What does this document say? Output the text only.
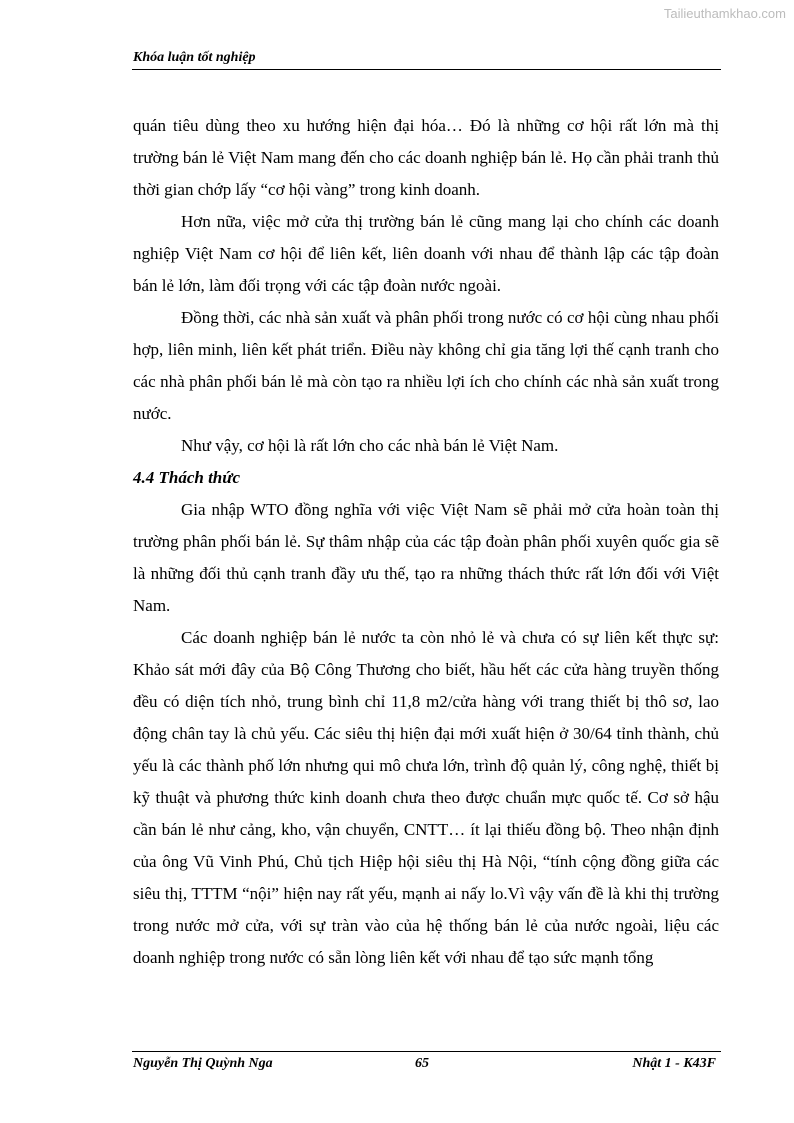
Tailieuthamkhao.com
Khóa luận tốt nghiệp

quán tiêu dùng theo xu hướng hiện đại hóa… Đó là những cơ hội rất lớn mà thị trường bán lẻ Việt Nam mang đến cho các doanh nghiệp bán lẻ. Họ cần phải tranh thủ thời gian chớp lấy “cơ hội vàng” trong kinh doanh.

Hơn nữa, việc mở cửa thị trường bán lẻ cũng mang lại cho chính các doanh nghiệp Việt Nam cơ hội để liên kết, liên doanh với nhau để thành lập các tập đoàn bán lẻ lớn, làm đối trọng với các tập đoàn nước ngoài.

Đồng thời, các nhà sản xuất và phân phối trong nước có cơ hội cùng nhau phối hợp, liên minh, liên kết phát triển. Điều này không chỉ gia tăng lợi thế cạnh tranh cho các nhà phân phối bán lẻ mà còn tạo ra nhiều lợi ích cho chính các nhà sản xuất trong nước.

Như vậy, cơ hội là rất lớn cho các nhà bán lẻ Việt Nam.

4.4 Thách thức

Gia nhập WTO đồng nghĩa với việc Việt Nam sẽ phải mở cửa hoàn toàn thị trường phân phối bán lẻ. Sự thâm nhập của các tập đoàn phân phối xuyên quốc gia sẽ là những đối thủ cạnh tranh đầy ưu thế, tạo ra những thách thức rất lớn đối với Việt Nam.

Các doanh nghiệp bán lẻ nước ta còn nhỏ lẻ và chưa có sự liên kết thực sự: Khảo sát mới đây của Bộ Công Thương cho biết, hầu hết các cửa hàng truyền thống đều có diện tích nhỏ, trung bình chỉ 11,8 m2/cửa hàng với trang thiết bị thô sơ, lao động chân tay là chủ yếu. Các siêu thị hiện đại mới xuất hiện ở 30/64 tỉnh thành, chủ yếu là các thành phố lớn nhưng qui mô chưa lớn, trình độ quản lý, công nghệ, thiết bị kỹ thuật và phương thức kinh doanh chưa theo được chuẩn mực quốc tế. Cơ sở hậu cần bán lẻ như cảng, kho, vận chuyển, CNTT… ít lại thiếu đồng bộ. Theo nhận định của ông Vũ Vinh Phú, Chủ tịch Hiệp hội siêu thị Hà Nội, “tính cộng đồng giữa các siêu thị, TTTM “nội” hiện nay rất yếu, mạnh ai nấy lo.Vì vậy vấn đề là khi thị trường trong nước mở cửa, với sự tràn vào của hệ thống bán lẻ của nước ngoài, liệu các doanh nghiệp trong nước có sẵn lòng liên kết với nhau để tạo sức mạnh tổng

Nguyễn Thị Quỳnh Nga	65	Nhật 1 - K43F
